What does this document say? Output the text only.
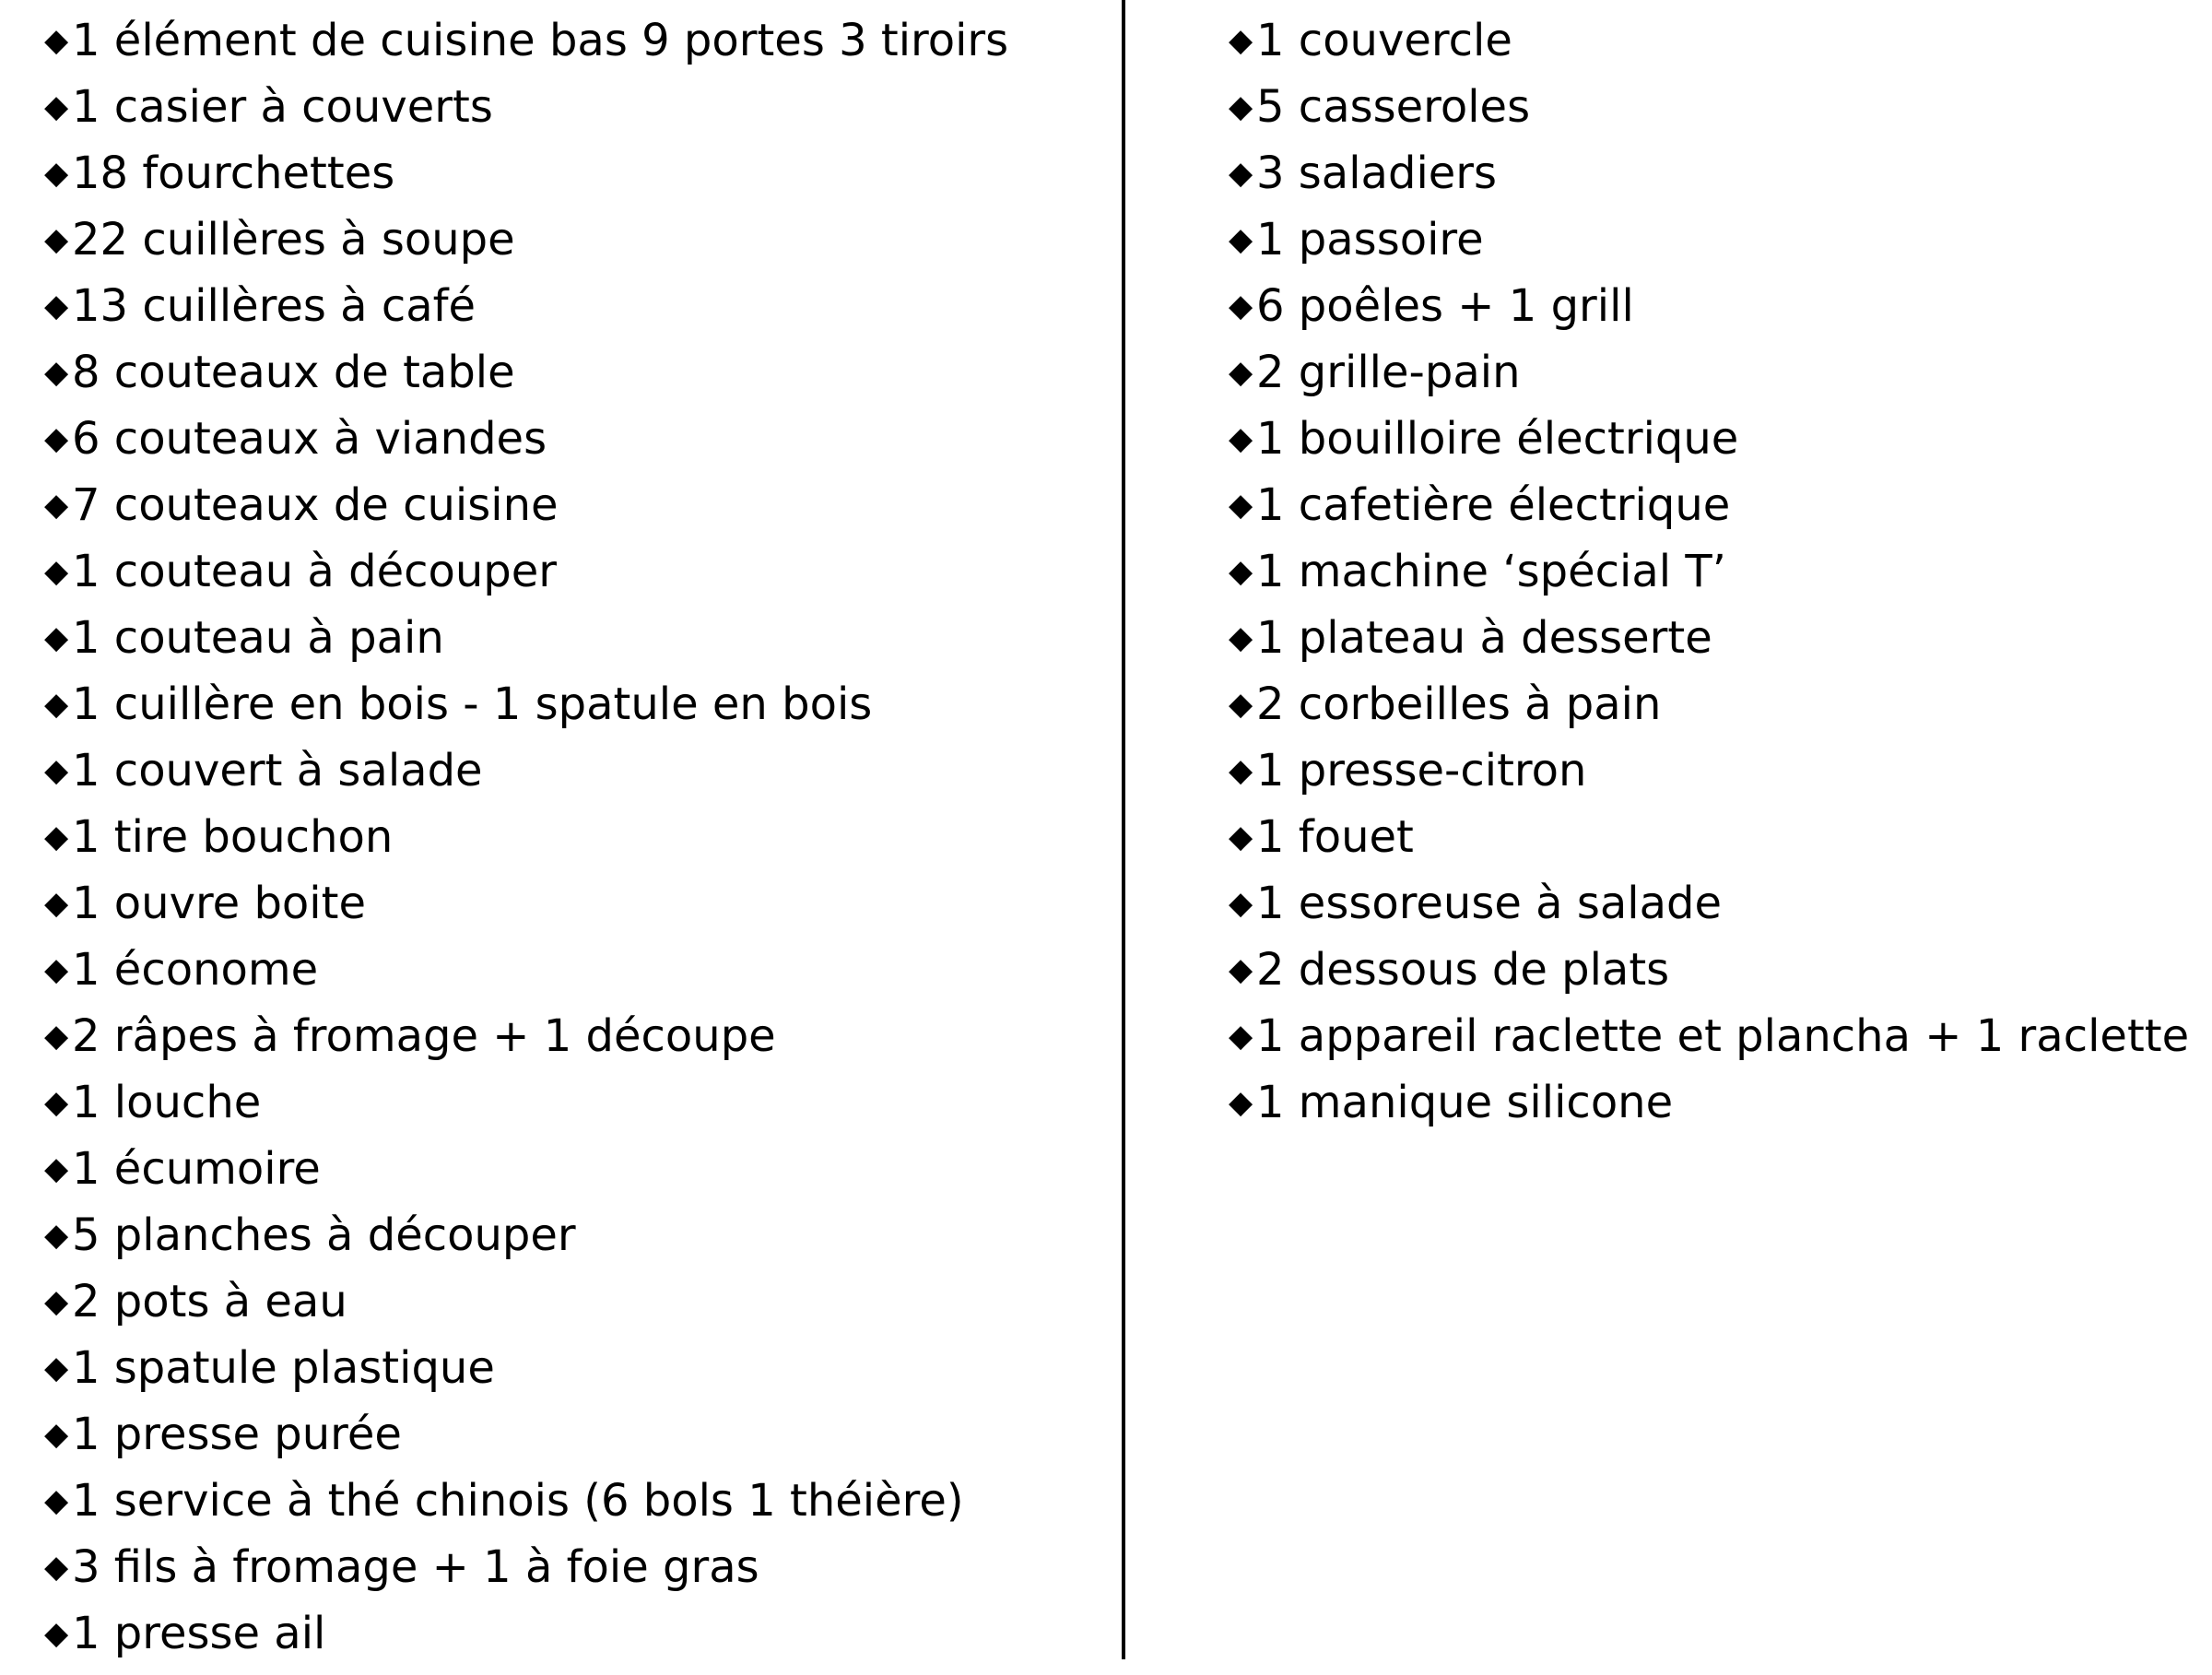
◆ 1 élément de cuisine bas 9 portes 3 tiroirs
◆ 1 casier à couverts
◆ 18 fourchettes
◆ 22 cuillères à soupe
◆ 13 cuillères à café
◆ 8 couteaux de table
◆ 6 couteaux à viandes
◆ 7 couteaux de cuisine
◆ 1 couteau à découper
◆ 1 couteau à pain
◆ 1 cuillère en bois - 1 spatule en bois
◆ 1 couvert à salade
◆ 1 tire bouchon
◆ 1 ouvre boite
◆ 1 économe
◆ 2 râpes à fromage + 1 découpe
◆ 1 louche
◆ 1 écumoire
◆ 5 planches à découper
◆ 2 pots à eau
◆ 1 spatule plastique
◆ 1 presse purée
◆ 1 service à thé chinois (6 bols 1 théière)
◆ 3 fils à fromage + 1 à foie gras
◆ 1 presse ail
◆ 1 couvercle
◆ 5 casseroles
◆ 3 saladiers
◆ 1 passoire
◆ 6 poêles + 1 grill
◆ 2 grille-pain
◆ 1 bouilloire électrique
◆ 1 cafetière électrique
◆ 1 machine ‘spécial T’
◆ 1 plateau à desserte
◆ 2 corbeilles à pain
◆ 1 presse-citron
◆ 1 fouet
◆ 1 essoreuse à salade
◆ 2 dessous de plats
◆ 1 appareil raclette et plancha + 1 raclette
◆ 1 manique silicone
